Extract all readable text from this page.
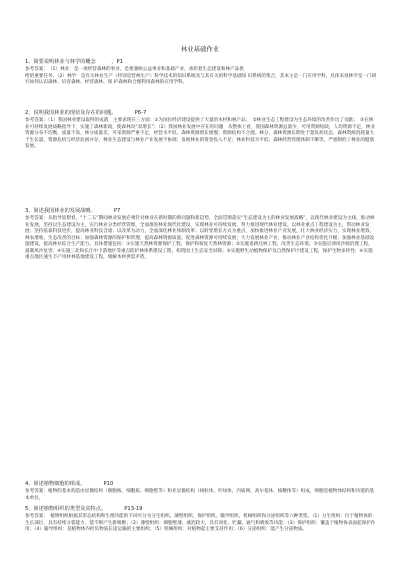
林业基础作业

1、简要说明林业与林学的概念　　　，P1

参考答案：　（1）林业：是一项经营森林的事业，是要兼顾公益事业和基础产业，承担着生态建设和林产品供
给的重要任务。（2）林学：是有关林业生产（特别是营林生产）科学技术的知识系统及与其有关的科学基础知 识系统的集合，其本主是一门应用学科，具体来说林学是一门研究如何认识森林、培育森林、经营森林、保 护森林和合理利用森林的应用学科。

2、说明我国林业的现状及存在的问题。　　　　P6-7

参考答案：（1）我国林业建设取得的成就　主要表现在三方面：①为国民经济建设提供了大量的木材和林产品；　②林业生态工程建设为生态环境的改善作出了贡献；　③在林业可持续发展战略指导下，实施了森林新政，使森林向“双增长”；（2）我国林业发展中存在的问题　从整体上看，我国森林资源总量少，可用资源短缺，人均资源不足，林业资源分布不均衡，质量不高，林分质量差，可采资源严重不足，经营水平低、森林资源增长缓慢；资源结构不合理。林分，森林资源长期处于超负荷状态，森林资源消耗量大于生长量，资源危机与经济危困并存。林业生态建设与林业产业发展不协调；发展林业的资金投入不足；林业科技水平低；森林经营管理体制不顺等，严重制约了林业的健康发展。

3、简述我国林业的发展战略。　　　　P7

参考答案：从指导思想看，“十二五”期间林业发展必须针对林业在新时期的新问题和新趋势，全面贯彻落实“生态建设为主的林业发展战略”，以现代林业建设为主线，推动林业发展，坚持以生态建设为主，实行林业分类经营管理，全面推进林业现代化建设，实现林业可持续发展，努力推进现代林业建设。以林业重点工程建设为主，带动林业发展；坚持依靠科技进步，提高林业科技含量；以改革为动力，全面深化林业体制改革；以转变增长方式为重点，加快推进林业产业发展，壮大林业经济实力，实现林业增效、林农增收、生态改善的目标；加强森林资源的保护和管理，提高森林资源质量，促进森林资源可持续发展；大力发展林业产业，推动林业产业结构优化升级；加强林业基础设施建设，提高林业综合生产能力。具体措施包括：①实施天然林资源保护工程，保护和恢复天然林资源；②实施退耕还林工程，改善生态环境；③实施京津风沙源治理工程，遏制风沙危害；④实施三北和长江中下游地区等重点防护林体系建设工程，构筑国土生态安全屏障；⑤实施野生动植物保护及自然保护区建设工程，保护生物多样性；⑥实施重点地区速生丰产用材林基地建设工程，缓解木材供需矛盾。

4、简述植物细胞的组成。　　　　P10

参考答案：植物的基本构造由显微结构（细胞核、细胞质、细胞壁等）和亚显微结构（线粒体、叶绿体、内质网、高尔基体、核糖体等）组成，细胞是植物体结构和功能的基本单位。

5、简述植物组织的类型及其特点。　　　　P13-19

参考答案：　植物组织根据其形态结构和生理功能的不同可分为分生组织、薄壁组织、保护组织、输导组织、机械组织和分泌组织等六种类型。（1）分生组织：位于植物体的生长部位，具有持续分裂能力，能不断产生新细胞；（2）薄壁组织：细胞壁薄，液泡较大，具有同化、贮藏、通气和吸收等功能；（3）保护组织：覆盖于植物体表面起保护作用；（4）输导组织：是植物体内担负物质长途运输的主要组织；（5）机械组织：对植物起主要支持作用；（6）分泌组织：能产生分泌物质。
